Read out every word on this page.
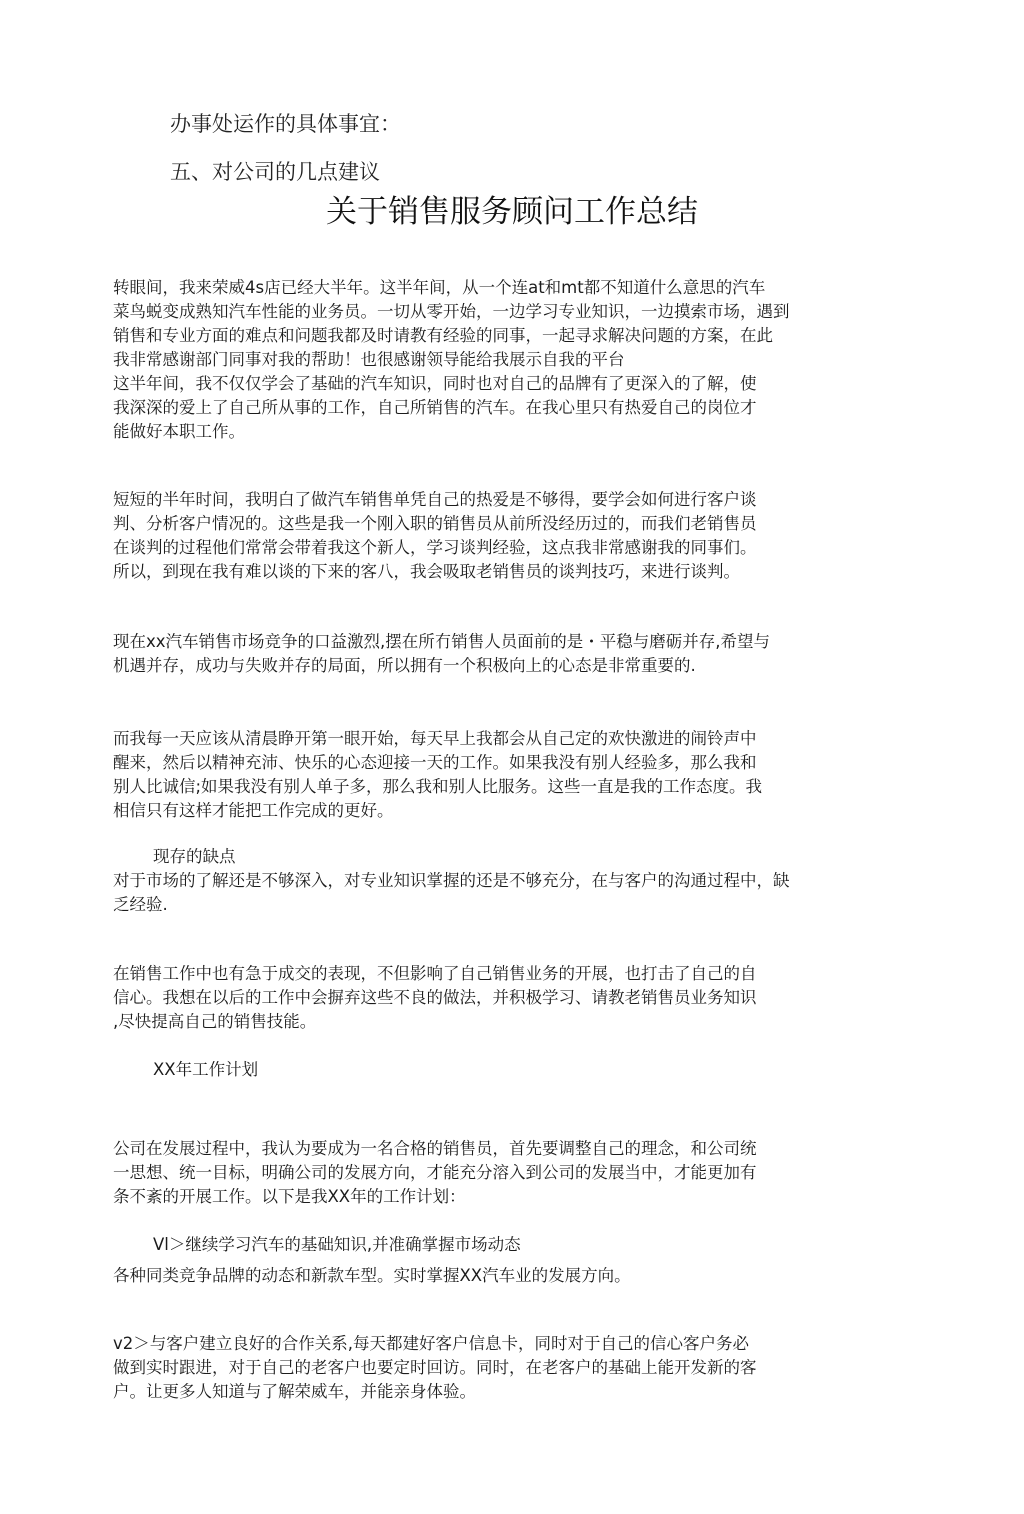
办事处运作的具体事宜：
五、对公司的几点建议
关于销售服务顾问工作总结
转眼间，我来荣威4s店已经大半年。这半年间，从一个连at和mt都不知道什么意思的汽车
菜鸟蜕变成熟知汽车性能的业务员。一切从零开始，一边学习专业知识，一边摸索市场，遇到
销售和专业方面的难点和问题我都及时请教有经验的同事，一起寻求解决问题的方案，在此
我非常感谢部门同事对我的帮助！也很感谢领导能给我展示自我的平台
这半年间，我不仅仅学会了基础的汽车知识，同时也对自己的品牌有了更深入的了解，使
我深深的爱上了自己所从事的工作，自己所销售的汽车。在我心里只有热爱自己的岗位才
能做好本职工作。
短短的半年时间，我明白了做汽车销售单凭自己的热爱是不够得，要学会如何进行客户谈
判、分析客户情况的。这些是我一个刚入职的销售员从前所没经历过的，而我们老销售员
在谈判的过程他们常常会带着我这个新人，学习谈判经验，这点我非常感谢我的同事们。
所以，到现在我有难以谈的下来的客八，我会吸取老销售员的谈判技巧，来进行谈判。
现在xx汽车销售市场竞争的口益激烈,摆在所冇销售人员面前的是・平稳与磨砺并存,希望与
机遇并存，成功与失败并存的局面，所以拥有一个积极向上的心态是非常重要的.
而我每一天应该从清晨睁开第一眼开始，每天早上我都会从自己定的欢快激进的闹铃声中
醒来，然后以精神充沛、快乐的心态迎接一天的工作。如果我没有别人经验多，那么我和
别人比诚信;如果我没有别人单子多，那么我和别人比服务。这些一直是我的工作态度。我
相信只有这样才能把工作完成的更好。
现存的缺点
对于市场的了解还是不够深入，对专业知识掌握的还是不够充分，在与客户的沟通过程中，缺
乏经验.
在销售工作中也有急于成交的表现，不但影响了自己销售业务的开展，也打击了自己的自
信心。我想在以后的工作中会摒弃这些不良的做法，并积极学习、请教老销售员业务知识
,尽快提高自己的销售技能。
XX年工作计划
公司在发展过程中，我认为要成为一名合格的销售员，首先要调整自己的理念，和公司统
一思想、统一目标，明确公司的发展方向，才能充分溶入到公司的发展当中，才能更加有
条不紊的开展工作。以下是我XX年的工作计划：
Vl＞继续学习汽车的基础知识,并准确掌握市场动态
各种同类竞争品牌的动态和新款车型。实时掌握XX汽车业的发展方向。
v2＞与客户建立良好的合作关系,每天都建好客户信息卡，同时对于自己的信心客户务必
做到实时跟进，对于自己的老客户也要定时回访。同时，在老客户的基础上能开发新的客
户。让更多人知道与了解荣威车，并能亲身体验。
